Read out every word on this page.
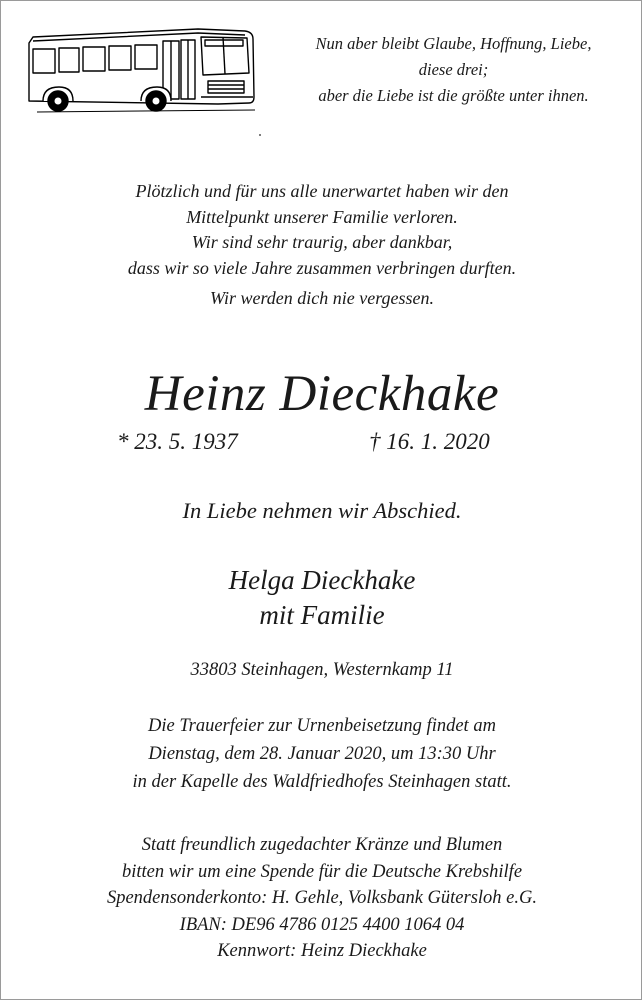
Nun aber bleibt Glaube, Hoffnung, Liebe,
diese drei;
aber die Liebe ist die größte unter ihnen.
Plötzlich und für uns alle unerwartet haben wir den
Mittelpunkt unserer Familie verloren.
Wir sind sehr traurig, aber dankbar,
dass wir so viele Jahre zusammen verbringen durften.
Wir werden dich nie vergessen.
Heinz Dieckhake
* 23. 5. 1937	† 16. 1. 2020
In Liebe nehmen wir Abschied.
Helga Dieckhake
mit Familie
33803 Steinhagen, Westernkamp 11
Die Trauerfeier zur Urnenbeisetzung findet am
Dienstag, dem 28. Januar 2020, um 13:30 Uhr
in der Kapelle des Waldfriedhofes Steinhagen statt.
Statt freundlich zugedachter Kränze und Blumen
bitten wir um eine Spende für die Deutsche Krebshilfe
Spendensonderkonto: H. Gehle, Volksbank Gütersloh e.G.
IBAN: DE96 4786 0125 4400 1064 04
Kennwort: Heinz Dieckhake
